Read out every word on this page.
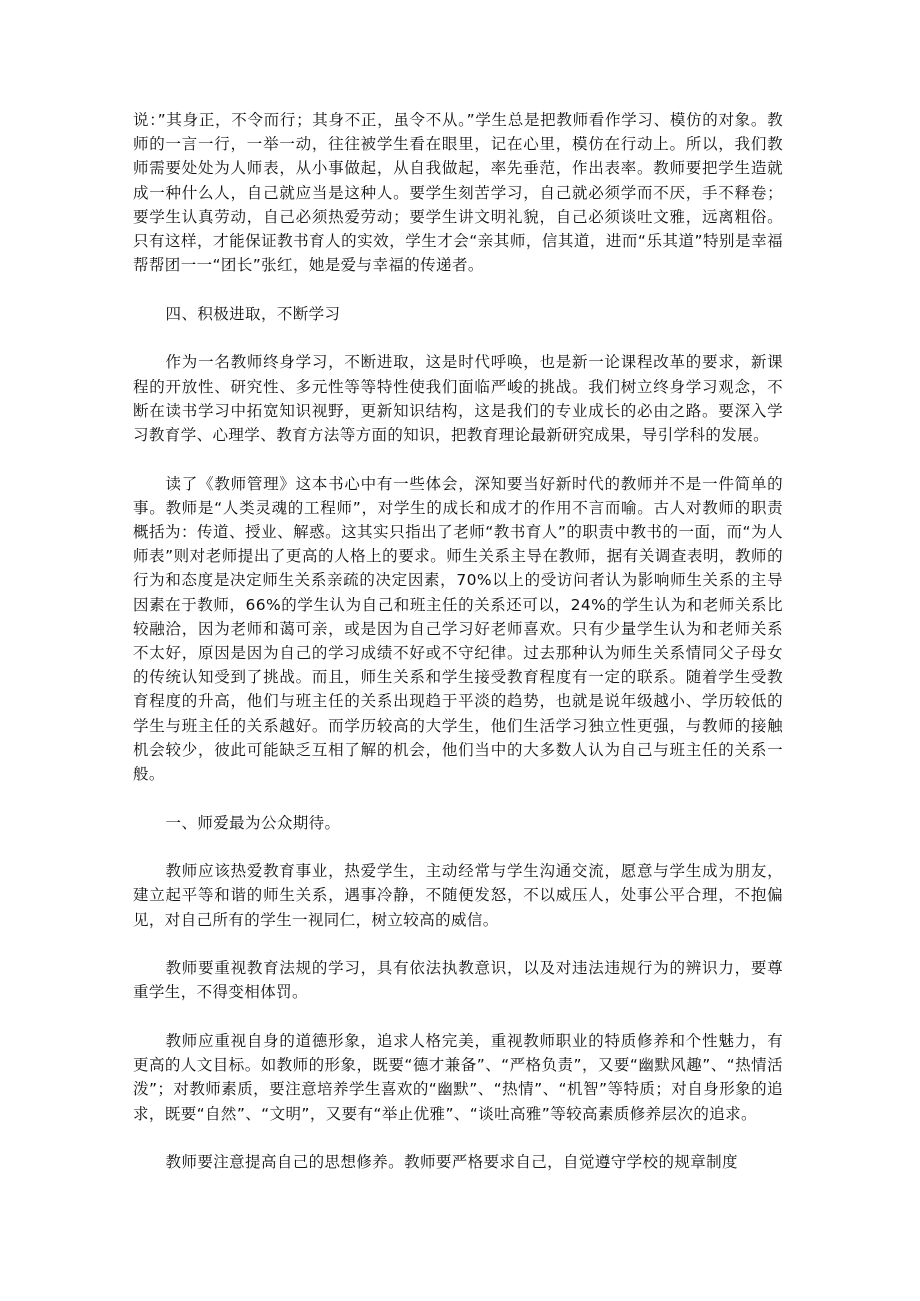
说：”其身正，不令而行；其身不正，虽令不从。”学生总是把教师看作学习、模仿的对象。教师的一言一行，一举一动，往往被学生看在眼里，记在心里，模仿在行动上。所以，我们教师需要处处为人师表，从小事做起，从自我做起，率先垂范，作出表率。教师要把学生造就成一种什么人，自己就应当是这种人。要学生刻苦学习，自己就必须学而不厌，手不释卷；要学生认真劳动，自己必须热爱劳动；要学生讲文明礼貌，自己必须谈吐文雅，远离粗俗。只有这样，才能保证教书育人的实效，学生才会“亲其师，信其道，进而“乐其道”特别是幸福帮帮团一一“团长”张红，她是爱与幸福的传递者。

四、积极进取，不断学习

作为一名教师终身学习，不断进取，这是时代呼唤，也是新一论课程改革的要求，新课程的开放性、研究性、多元性等等特性使我们面临严峻的挑战。我们树立终身学习观念，不断在读书学习中拓宽知识视野，更新知识结构，这是我们的专业成长的必由之路。要深入学习教育学、心理学、教育方法等方面的知识，把教育理论最新研究成果，导引学科的发展。

读了《教师管理》这本书心中有一些体会，深知要当好新时代的教师并不是一件简单的事。教师是“人类灵魂的工程师”，对学生的成长和成才的作用不言而喻。古人对教师的职责概括为：传道、授业、解惑。这其实只指出了老师“教书育人”的职责中教书的一面，而“为人师表”则对老师提出了更高的人格上的要求。师生关系主导在教师，据有关调查表明，教师的行为和态度是决定师生关系亲疏的决定因素，70%以上的受访问者认为影响师生关系的主导因素在于教师，66%的学生认为自己和班主任的关系还可以，24%的学生认为和老师关系比较融洽，因为老师和蔼可亲，或是因为自己学习好老师喜欢。只有少量学生认为和老师关系不太好，原因是因为自己的学习成绩不好或不守纪律。过去那种认为师生关系情同父子母女的传统认知受到了挑战。而且，师生关系和学生接受教育程度有一定的联系。随着学生受教育程度的升高，他们与班主任的关系出现趋于平淡的趋势，也就是说年级越小、学历较低的学生与班主任的关系越好。而学历较高的大学生，他们生活学习独立性更强，与教师的接触机会较少，彼此可能缺乏互相了解的机会，他们当中的大多数人认为自己与班主任的关系一般。

一、师爱最为公众期待。

教师应该热爱教育事业，热爱学生，主动经常与学生沟通交流，愿意与学生成为朋友，建立起平等和谐的师生关系，遇事冷静，不随便发怒，不以威压人，处事公平合理，不抱偏见，对自己所有的学生一视同仁，树立较高的威信。

教师要重视教育法规的学习，具有依法执教意识，以及对违法违规行为的辨识力，要尊重学生，不得变相体罚。

教师应重视自身的道德形象，追求人格完美，重视教师职业的特质修养和个性魅力，有更高的人文目标。如教师的形象，既要“德才兼备”、“严格负责”，又要“幽默风趣”、“热情活泼”；对教师素质，要注意培养学生喜欢的“幽默”、“热情”、“机智”等特质；对自身形象的追求，既要“自然”、“文明”，又要有“举止优雅”、“谈吐高雅”等较高素质修养层次的追求。

教师要注意提高自己的思想修养。教师要严格要求自己，自觉遵守学校的规章制度
